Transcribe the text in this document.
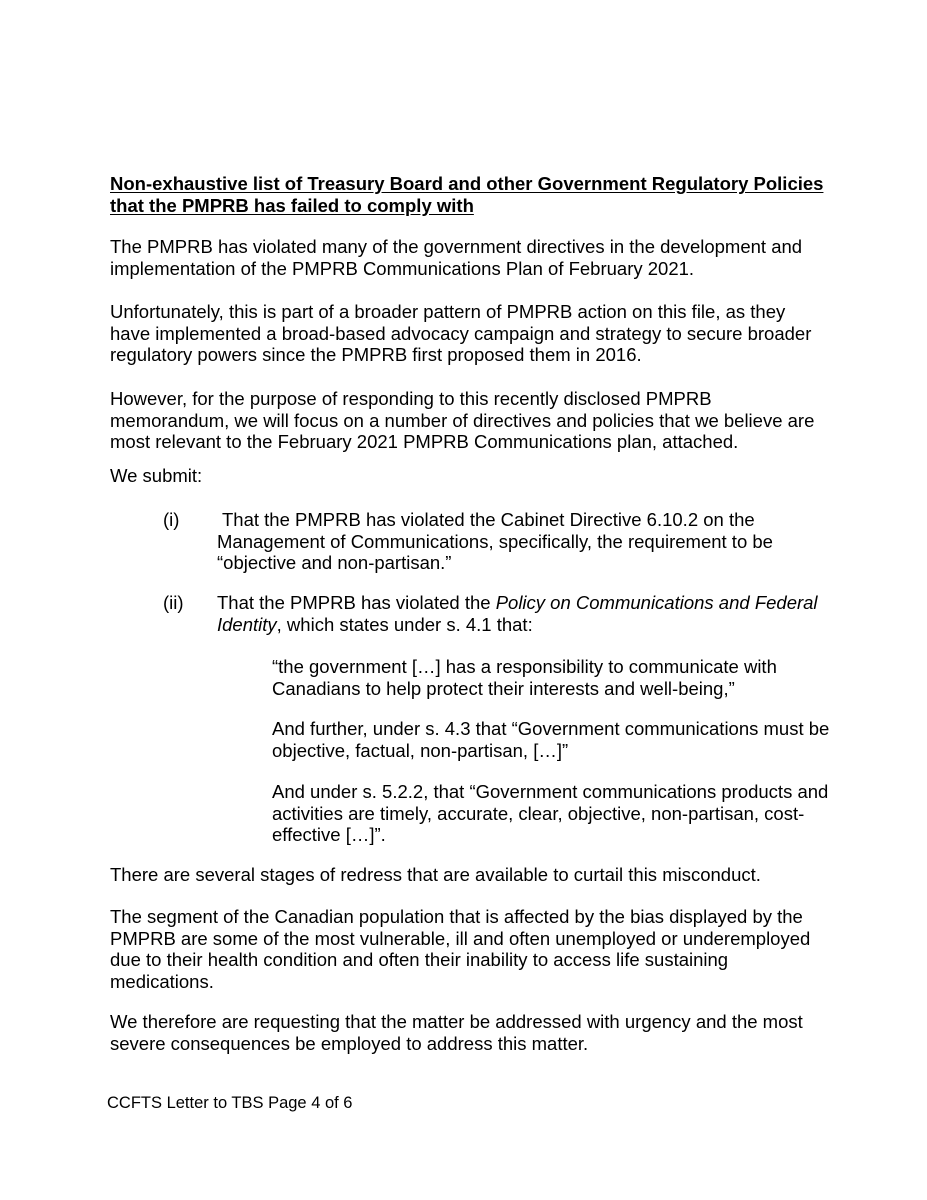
Non-exhaustive list of Treasury Board and other Government Regulatory Policies that the PMPRB has failed to comply with

The PMPRB has violated many of the government directives in the development and implementation of the PMPRB Communications Plan of February 2021.

Unfortunately, this is part of a broader pattern of PMPRB action on this file, as they have implemented a broad-based advocacy campaign and strategy to secure broader regulatory powers since the PMPRB first proposed them in 2016.

However, for the purpose of responding to this recently disclosed PMPRB memorandum, we will focus on a number of directives and policies that we believe are most relevant to the February 2021 PMPRB Communications plan, attached.

We submit:

(i) That the PMPRB has violated the Cabinet Directive 6.10.2 on the Management of Communications, specifically, the requirement to be “objective and non-partisan.”
(ii) That the PMPRB has violated the Policy on Communications and Federal Identity, which states under s. 4.1 that:

“the government […] has a responsibility to communicate with Canadians to help protect their interests and well-being,”

And further, under s. 4.3 that “Government communications must be objective, factual, non-partisan, […]”

And under s. 5.2.2, that “Government communications products and activities are timely, accurate, clear, objective, non-partisan, cost-effective […]”.

There are several stages of redress that are available to curtail this misconduct.

The segment of the Canadian population that is affected by the bias displayed by the PMPRB are some of the most vulnerable, ill and often unemployed or underemployed due to their health condition and often their inability to access life sustaining medications.

We therefore are requesting that the matter be addressed with urgency and the most severe consequences be employed to address this matter.

CCFTS Letter to TBS Page 4 of 6
